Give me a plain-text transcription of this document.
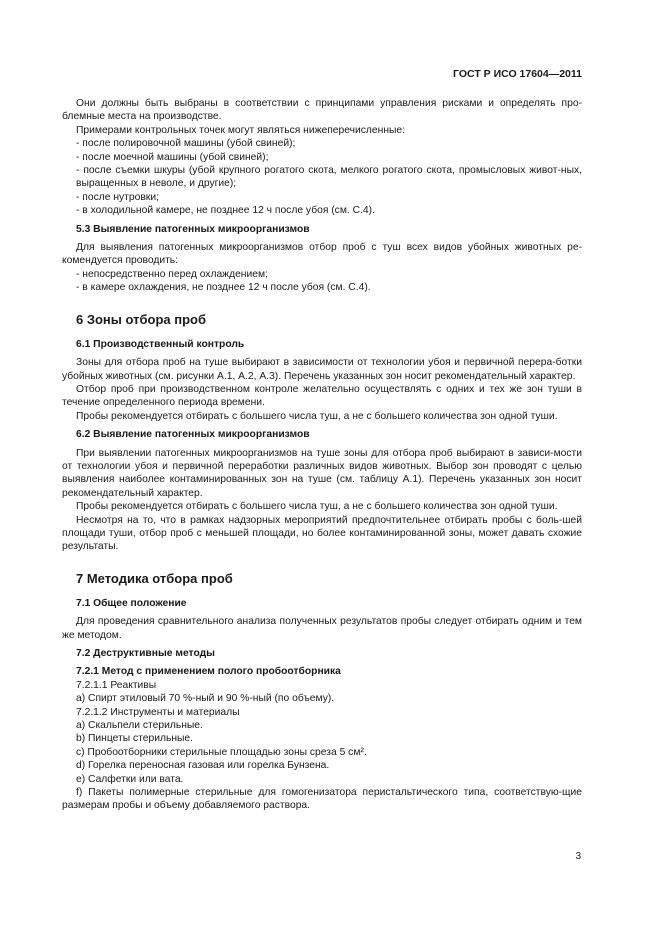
ГОСТ Р ИСО 17604—2011

Они должны быть выбраны в соответствии с принципами управления рисками и определять про-блемные места на производстве.

Примерами контрольных точек могут являться нижеперечисленные:

- после полировочной машины (убой свиней);

- после моечной машины (убой свиней);

- после съемки шкуры (убой крупного рогатого скота, мелкого рогатого скота, промысловых живот-ных, выращенных в неволе, и другие);

- после нутровки;

- в холодильной камере, не позднее 12 ч после убоя (см. С.4).

5.3 Выявление патогенных микроорганизмов

Для выявления патогенных микроорганизмов отбор проб с туш всех видов убойных животных ре-комендуется проводить:

- непосредственно перед охлаждением;

- в камере охлаждения, не позднее 12 ч после убоя (см. С.4).

6 Зоны отбора проб

6.1 Производственный контроль

Зоны для отбора проб на туше выбирают в зависимости от технологии убоя и первичной перера-ботки убойных животных (см. рисунки А.1, А.2, А.3). Перечень указанных зон носит рекомендательный характер.

Отбор проб при производственном контроле желательно осуществлять с одних и тех же зон туши в течение определенного периода времени.

Пробы рекомендуется отбирать с большего числа туш, а не с большего количества зон одной туши.

6.2 Выявление патогенных микроорганизмов

При выявлении патогенных микроорганизмов на туше зоны для отбора проб выбирают в зависи-мости от технологии убоя и первичной переработки различных видов животных. Выбор зон проводят с целью выявления наиболее контаминированных зон на туше (см. таблицу А.1). Перечень указанных зон носит рекомендательный характер.

Пробы рекомендуется отбирать с большего числа туш, а не с большего количества зон одной туши.

Несмотря на то, что в рамках надзорных мероприятий предпочтительнее отбирать пробы с боль-шей площади туши, отбор проб с меньшей площади, но более контаминированной зоны, может давать схожие результаты.

7 Методика отбора проб

7.1 Общее положение

Для проведения сравнительного анализа полученных результатов пробы следует отбирать одним и тем же методом.

7.2 Деструктивные методы

7.2.1 Метод с применением полого пробоотборника

7.2.1.1 Реактивы

а) Спирт этиловый 70 %-ный и 90 %-ный (по объему).

7.2.1.2 Инструменты и материалы

а) Скальпели стерильные.

b) Пинцеты стерильные.

c) Пробоотборники стерильные площадью зоны среза 5 см².

d) Горелка переносная газовая или горелка Бунзена.

e) Салфетки или вата.

f) Пакеты полимерные стерильные для гомогенизатора перистальтического типа, соответствую-щие размерам пробы и объему добавляемого раствора.

3
